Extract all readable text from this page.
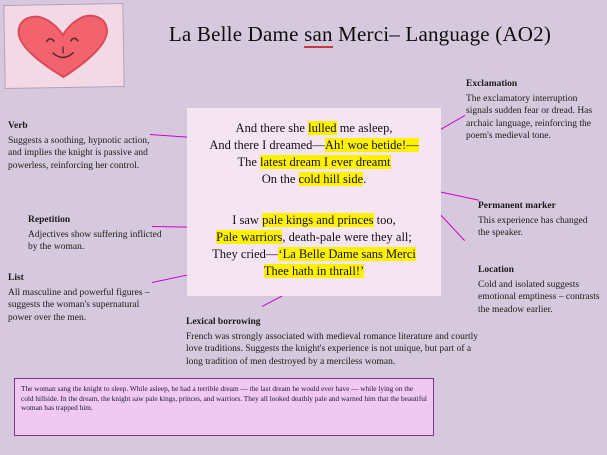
La Belle Dame san Merci– Language (AO2)
And there she lulled me asleep,
And there I dreamed—Ah! woe betide!—
The latest dream I ever dreamt
On the cold hill side.
I saw pale kings and princes too,
Pale warriors, death-pale were they all;
They cried—‘La Belle Dame sans Merci
Thee hath in thrall!’
Verb
Suggests a soothing, hypnotic action, and implies the knight is passive and powerless, reinforcing her control.
Repetition
Adjectives show suffering inflicted by the woman.
List
All masculine and powerful figures – suggests the woman's supernatural power over the men.
Exclamation
The exclamatory interruption signals sudden fear or dread. Has archaic language, reinforcing the poem's medieval tone.
Permanent marker
This experience has changed the speaker.
Location
Cold and isolated suggests emotional emptiness – contrasts the meadow earlier.
Lexical borrowing
French was strongly associated with medieval romance literature and courtly love traditions. Suggests the knight's experience is not unique, but part of a long tradition of men destroyed by a merciless woman.
The woman sang the knight to sleep. While asleep, he had a terrible dream — the last dream he would ever have — while lying on the cold hillside. In the dream, the knight saw pale kings, princes, and warriors. They all looked deathly pale and warned him that the beautiful woman has trapped him.
